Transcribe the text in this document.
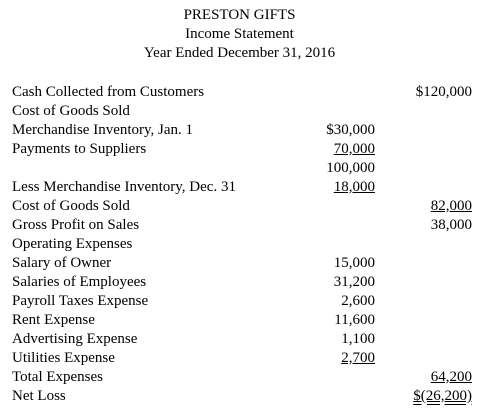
PRESTON GIFTS
Income Statement
Year Ended December 31, 2016
Cash Collected from Customers	$120,000
Cost of Goods Sold
Merchandise Inventory, Jan. 1	$30,000
Payments to Suppliers	70,000
100,000
Less Merchandise Inventory, Dec. 31	18,000
Cost of Goods Sold	82,000
Gross Profit on Sales	38,000
Operating Expenses
Salary of Owner	15,000
Salaries of Employees	31,200
Payroll Taxes Expense	2,600
Rent Expense	11,600
Advertising Expense	1,100
Utilities Expense	2,700
Total Expenses	64,200
Net Loss	$(26,200)
